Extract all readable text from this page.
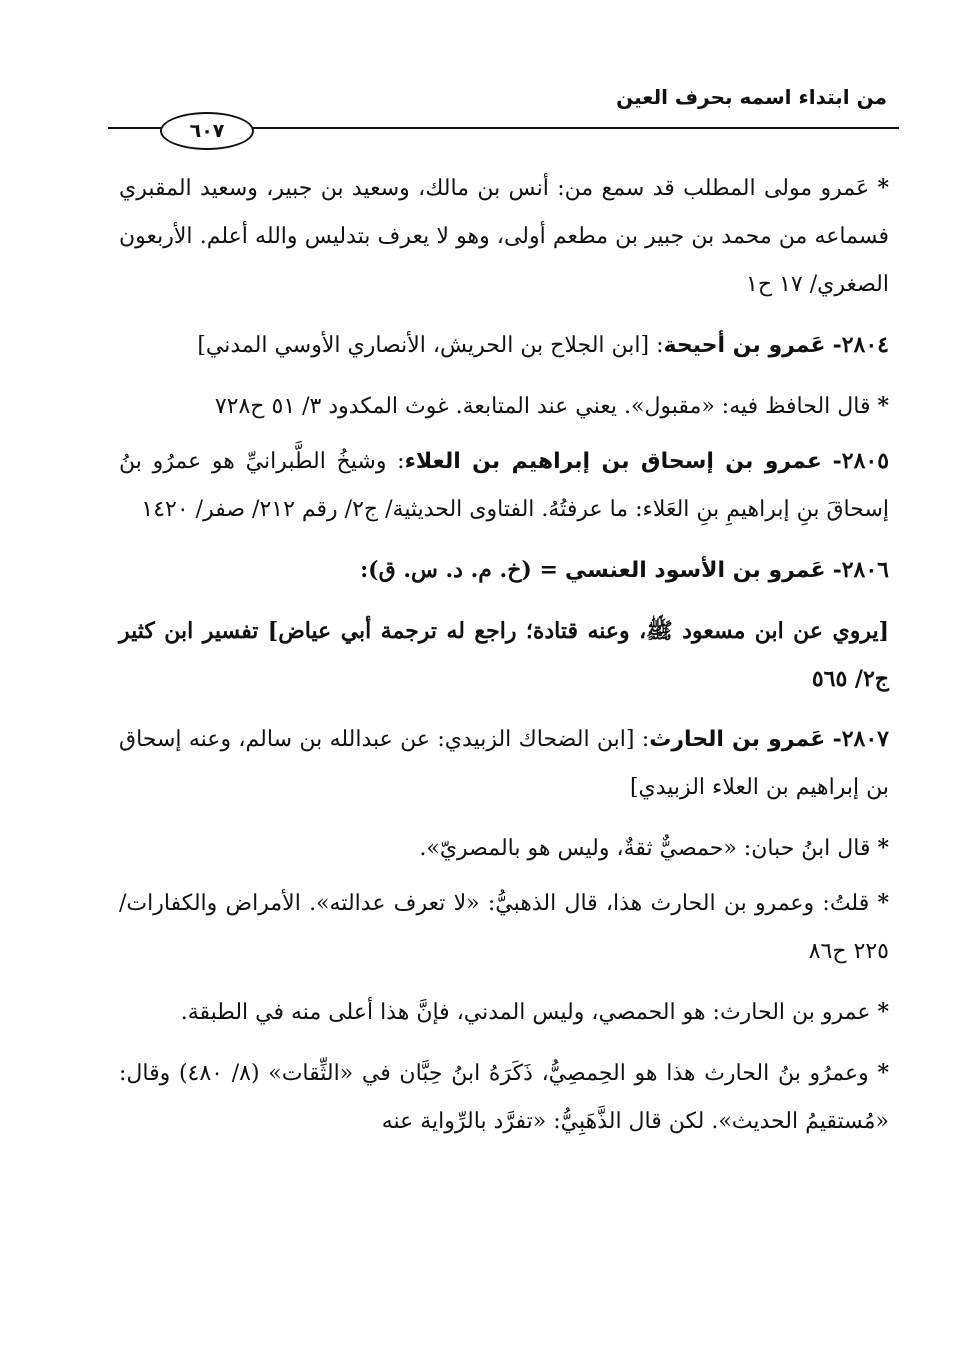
من ابتداء اسمه بحرف العين
٦٠٧

* عَمرو مولى المطلب قد سمع من: أنس بن مالك، وسعيد بن جبير، وسعيد المقبري فسماعه من محمد بن جبير بن مطعم أولى، وهو لا يعرف بتدليس والله أعلم. الأربعون الصغري/ ١٧ ح١

٢٨٠٤- عَمرو بن أحيحة: [ابن الجلاح بن الحريش، الأنصاري الأوسي المدني]

* قال الحافظ فيه: «مقبول». يعني عند المتابعة. غوث المكدود ٣/ ٥١ ح٧٢٨

٢٨٠٥- عمرو بن إسحاق بن إبراهيم بن العلاء: وشيخُ الطَّبرانيِّ هو عمرُو بنُ إسحاقَ بنِ إبراهيمِ بنِ العَلاء: ما عرفتُهُ. الفتاوى الحديثية/ ج٢/ رقم ٢١٢/ صفر/ ١٤٢٠

٢٨٠٦- عَمرو بن الأسود العنسي = (خ. م. د. س. ق):

[يروي عن ابن مسعود ﷺ، وعنه قتادة؛ راجع له ترجمة أبي عياض] تفسير ابن كثير ج٢/ ٥٦٥

٢٨٠٧- عَمرو بن الحارث: [ابن الضحاك الزبيدي: عن عبدالله بن سالم، وعنه إسحاق بن إبراهيم بن العلاء الزبيدي]

* قال ابنُ حبان: «حمصيٌّ ثقةٌ، وليس هو بالمصريّ».

* قلتُ: وعمرو بن الحارث هذا، قال الذهبيُّ: «لا تعرف عدالته». الأمراض والكفارات/ ٢٢٥ ح٨٦

* عمرو بن الحارث: هو الحمصي، وليس المدني، فإنَّ هذا أعلى منه في الطبقة.

* وعمرُو بنُ الحارث هذا هو الحِمصِيُّ، ذَكَرَهُ ابنُ حِبَّان في «الثِّقات» (٨/ ٤٨٠) وقال: «مُستقيمُ الحديث». لكن قال الذَّهَبِيُّ: «تفرَّد بالرِّواية عنه
